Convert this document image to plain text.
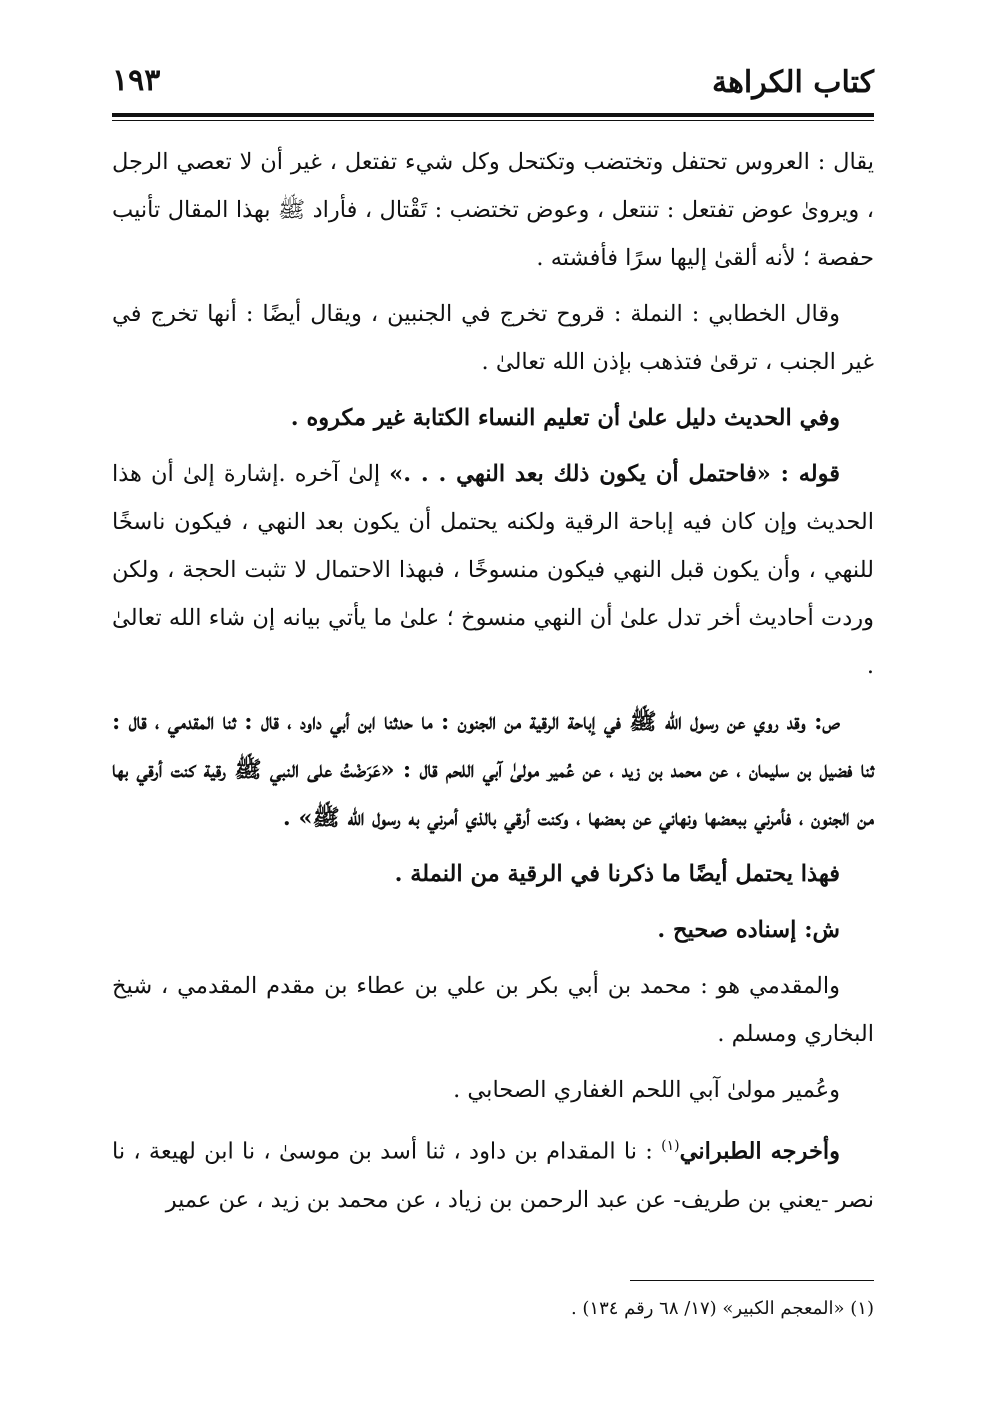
كتاب الكراهة
١٩٣

يقال : العروس تحتفل وتختضب وتكتحل وكل شيء تفتعل ، غير أن لا تعصي الرجل ، ويروىٰ عوض تفتعل : تنتعل ، وعوض تختضب : تَقْتال ، فأراد ﷺ بهذا المقال تأنيب حفصة ؛ لأنه ألقىٰ إليها سرًا فأفشته .

وقال الخطابي : النملة : قروح تخرج في الجنبين ، ويقال أيضًا : أنها تخرج في غير الجنب ، ترقىٰ فتذهب بإذن الله تعالىٰ .

وفي الحديث دليل علىٰ أن تعليم النساء الكتابة غير مكروه .

قوله : «فاحتمل أن يكون ذلك بعد النهي . . .» إلىٰ آخره .إشارة إلىٰ أن هذا الحديث وإن كان فيه إباحة الرقية ولكنه يحتمل أن يكون بعد النهي ، فيكون ناسخًا للنهي ، وأن يكون قبل النهي فيكون منسوخًا ، فبهذا الاحتمال لا تثبت الحجة ، ولكن وردت أحاديث أخر تدل علىٰ أن النهي منسوخ ؛ علىٰ ما يأتي بيانه إن شاء الله تعالىٰ .

ص: وقد روي عن رسول الله ﷺ في إباحة الرقية من الجنون : ما حدثنا ابن أبي داود ، قال : ثنا المقدمي ، قال : ثنا فضيل بن سليمان ، عن محمد بن زيد ، عن عُمير مولىٰ آبي اللحم قال : «عَرَضْتُ على النبي ﷺ رقية كنت أرقي بها من الجنون ، فأمرني ببعضها ونهاني عن بعضها ، وكنت أرقي بالذي أمرني به رسول الله ﷺ» .

فهذا يحتمل أيضًا ما ذكرنا في الرقية من النملة .

ش: إسناده صحيح .

والمقدمي هو : محمد بن أبي بكر بن علي بن عطاء بن مقدم المقدمي ، شيخ البخاري ومسلم .

وعُمير مولىٰ آبي اللحم الغفاري الصحابي .

وأخرجه الطبراني$^{(١)}$ : نا المقدام بن داود ، ثنا أسد بن موسىٰ ، نا ابن لهيعة ، نا نصر -يعني بن طريف- عن عبد الرحمن بن زياد ، عن محمد بن زيد ، عن عمير

(١) «المعجم الكبير» (١٧/ ٦٨ رقم ١٣٤) .
